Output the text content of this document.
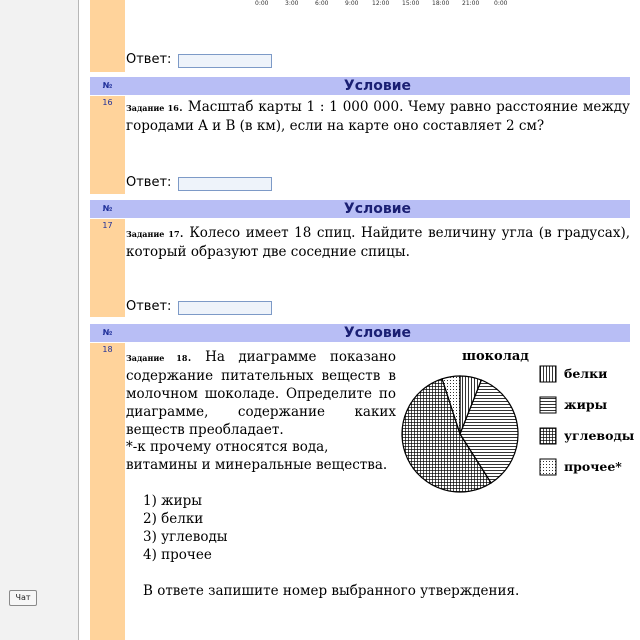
Чат
0:00	3:00	6:00	9:00 12:00 15:00 18:00 21:00 0:00
Ответ:
№	Условие
16
Задание 16. Масштаб карты 1 : 1 000 000. Чему равно расстояние между городами A и B (в км), если на карте оно составляет 2 см?
Ответ:
№	Условие
17
Задание 17. Колесо имеет 18 спиц. Найдите величину угла (в градусах), который образуют две соседние спицы.
Ответ:
№	Условие
18
Задание 18. На диаграмме показано содержание питательных веществ в молочном шоколаде. Определите по диаграмме, содержание каких веществ преобладает.
*-к прочему относятся вода, витамины и минеральные вещества.
1) жиры
2) белки
3) углеводы
4) прочее
В ответе запишите номер выбранного утверждения.
шоколад
белки
жиры
углеводы
прочее*
